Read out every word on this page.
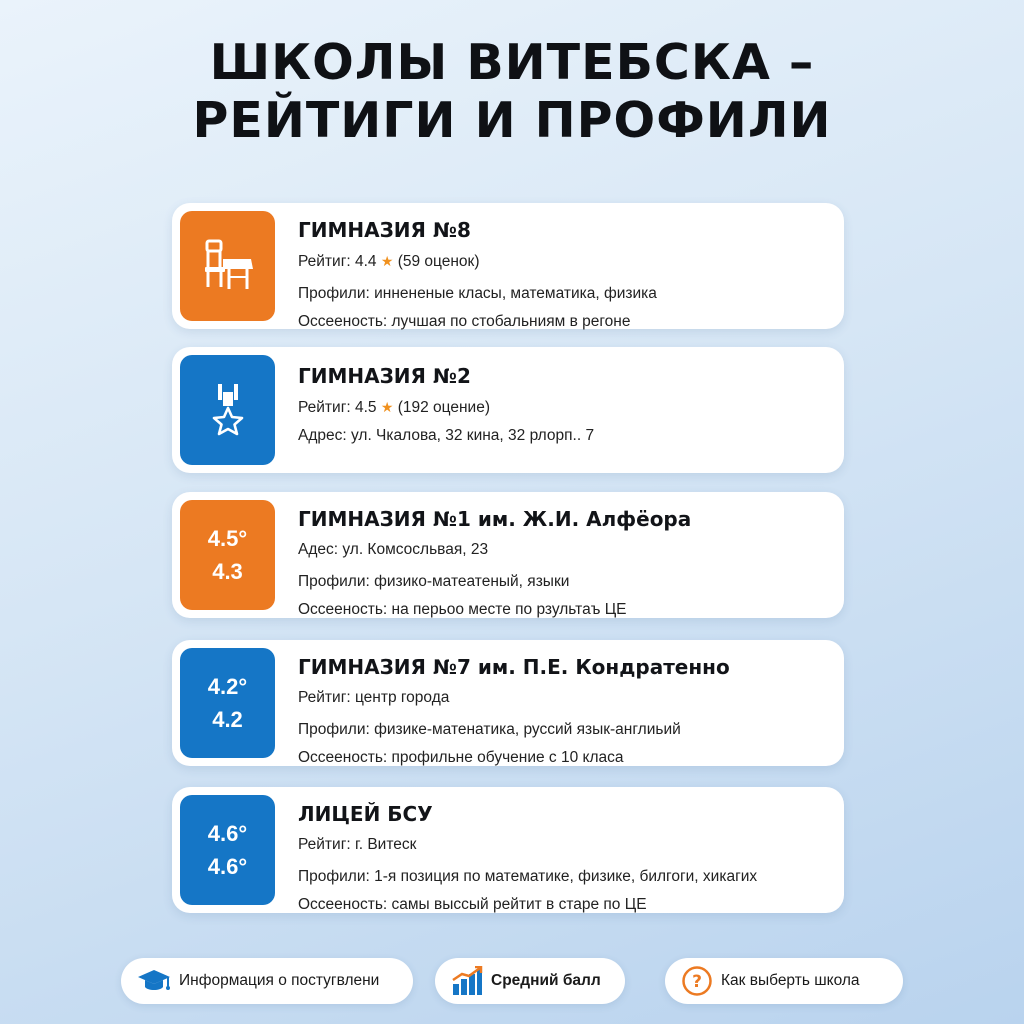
ШКОЛЫ ВИТЕБСКА –
РЕЙТИГИ И ПРОФИЛИ
ГИМНАЗИЯ №8
Рейтиг: 4.4 ★ (59 оценок)
Профили: иннененые класы, математика, физика
Оссееность: лучшая по стобальниям в регоне
ГИМНАЗИЯ №2
Рейтиг: 4.5 ★ (192 оцение)
Адрес: ул. Чкалова, 32 кина, 32 рлорп.. 7
4.5°
4.3
ГИМНАЗИЯ №1 им. Ж.И. Алфёора
Адес: ул. Комсосльвая, 23
Профили: физико-матеатеный, языки
Оссееность: на перьоо месте по рзультаъ ЦЕ
4.2°
4.2
ГИМНАЗИЯ №7 им. П.Е. Кондратенно
Рейтиг: центр города
Профили: физике-матенатика, руссий язык-англиьий
Оссееность: профильне обучение с 10 класа
4.6°
4.6°
ЛИЦЕЙ БСУ
Рейтиг: г. Витеск
Профили: 1-я позиция по математике, физике, билгоги, хикагих
Оссееность: самы выссый рейтит в старе по ЦЕ
Информация о постугвлени	Средний балл	? Как выберть школа
